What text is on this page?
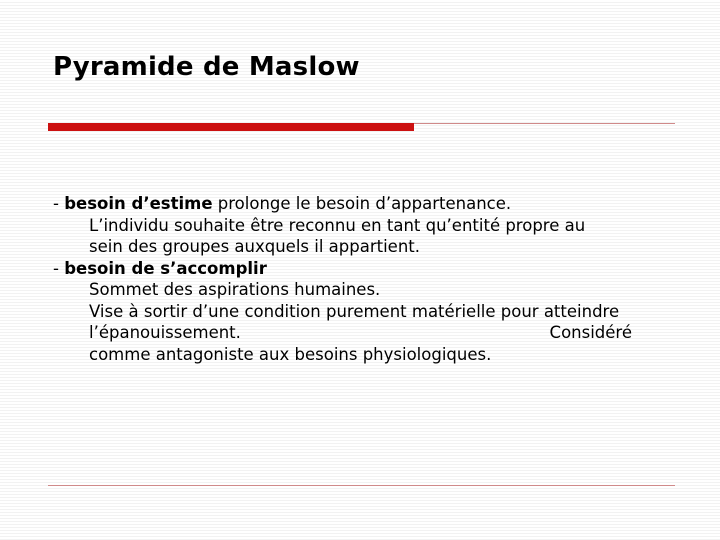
Pyramide de Maslow
- besoin d’estime prolonge le besoin d’appartenance.
L’individu souhaite être reconnu en tant qu’entité propre au
sein des groupes auxquels il appartient.
- besoin de s’accomplir
Sommet des aspirations humaines.
Vise à sortir d’une condition purement matérielle pour atteindre
l’épanouissement.	Considéré
comme antagoniste aux besoins physiologiques.
